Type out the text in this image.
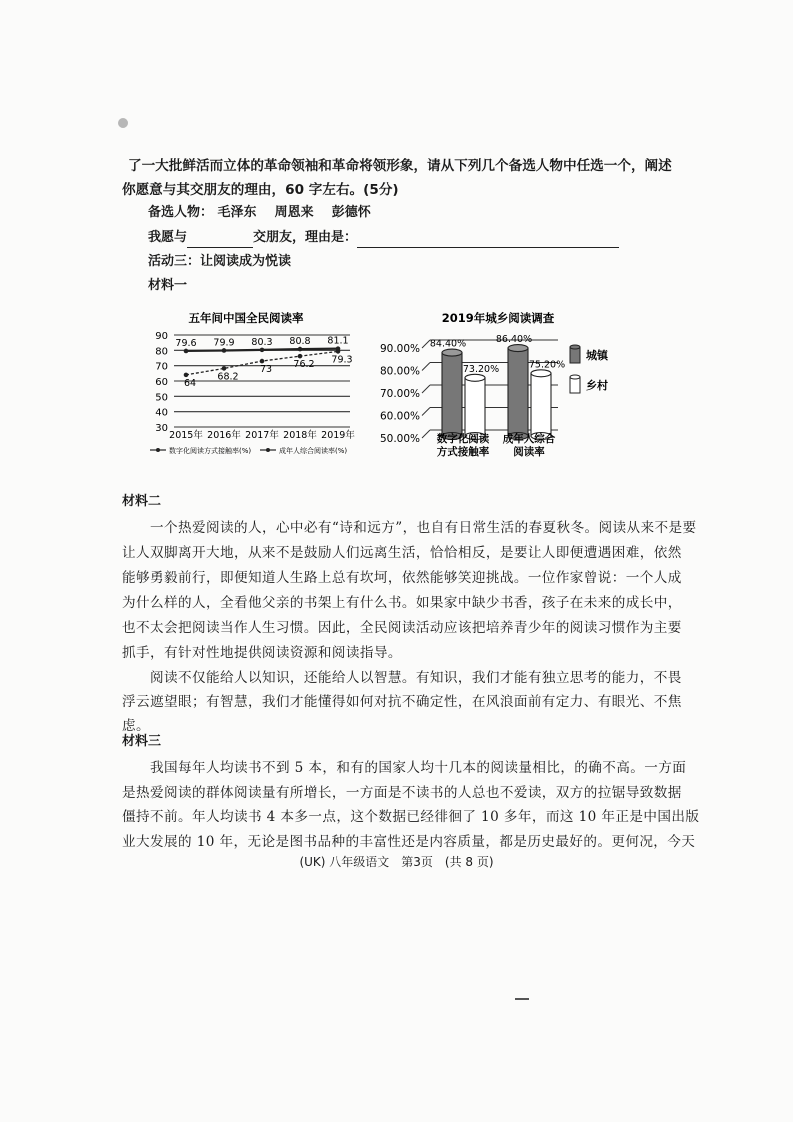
了一大批鲜活而立体的革命领袖和革命将领形象，请从下列几个备选人物中任选一个，阐述
你愿意与其交朋友的理由，60 字左右。(5分)
备选人物： 毛泽东 周恩来 彭德怀
我愿与	交朋友，理由是：
活动三：让阅读成为悦读
材料一
五年间中国全民阅读率
30
40
50
60
70
80
90
2015年 2016年 2017年 2018年 2019年
64
68.2
73 76.2 79.3
79.6 79.9 80.3 80.8 81.1
数字化阅读方式接触率(%)	成年人综合阅读率(%)
2019年城乡阅读调查
50.00%
60.00%
70.00%
80.00%
90.00% 84.40%
73.20%
86.40%
75.20%
数字化阅读
方式接触率
成年人综合
阅读率
城镇
乡村
材料二
一个热爱阅读的人，心中必有“诗和远方”，也自有日常生活的春夏秋冬。阅读从来不是要
让人双脚离开大地，从来不是鼓励人们远离生活，恰恰相反，是要让人即便遭遇困难，依然
能够勇毅前行，即便知道人生路上总有坎坷，依然能够笑迎挑战。一位作家曾说：一个人成
为什么样的人，全看他父亲的书架上有什么书。如果家中缺少书香，孩子在未来的成长中，
也不太会把阅读当作人生习惯。因此，全民阅读活动应该把培养青少年的阅读习惯作为主要
抓手，有针对性地提供阅读资源和阅读指导。
阅读不仅能给人以知识，还能给人以智慧。有知识，我们才能有独立思考的能力，不畏
浮云遮望眼；有智慧，我们才能懂得如何对抗不确定性，在风浪面前有定力、有眼光、不焦
虑。
材料三
我国每年人均读书不到 5 本，和有的国家人均十几本的阅读量相比，的确不高。一方面
是热爱阅读的群体阅读量有所增长，一方面是不读书的人总也不爱读，双方的拉锯导致数据
僵持不前。年人均读书 4 本多一点，这个数据已经徘徊了 10 多年，而这 10 年正是中国出版
业大发展的 10 年，无论是图书品种的丰富性还是内容质量，都是历史最好的。更何况，今天
(UK) 八年级语文　第3页　(共 8 页)
